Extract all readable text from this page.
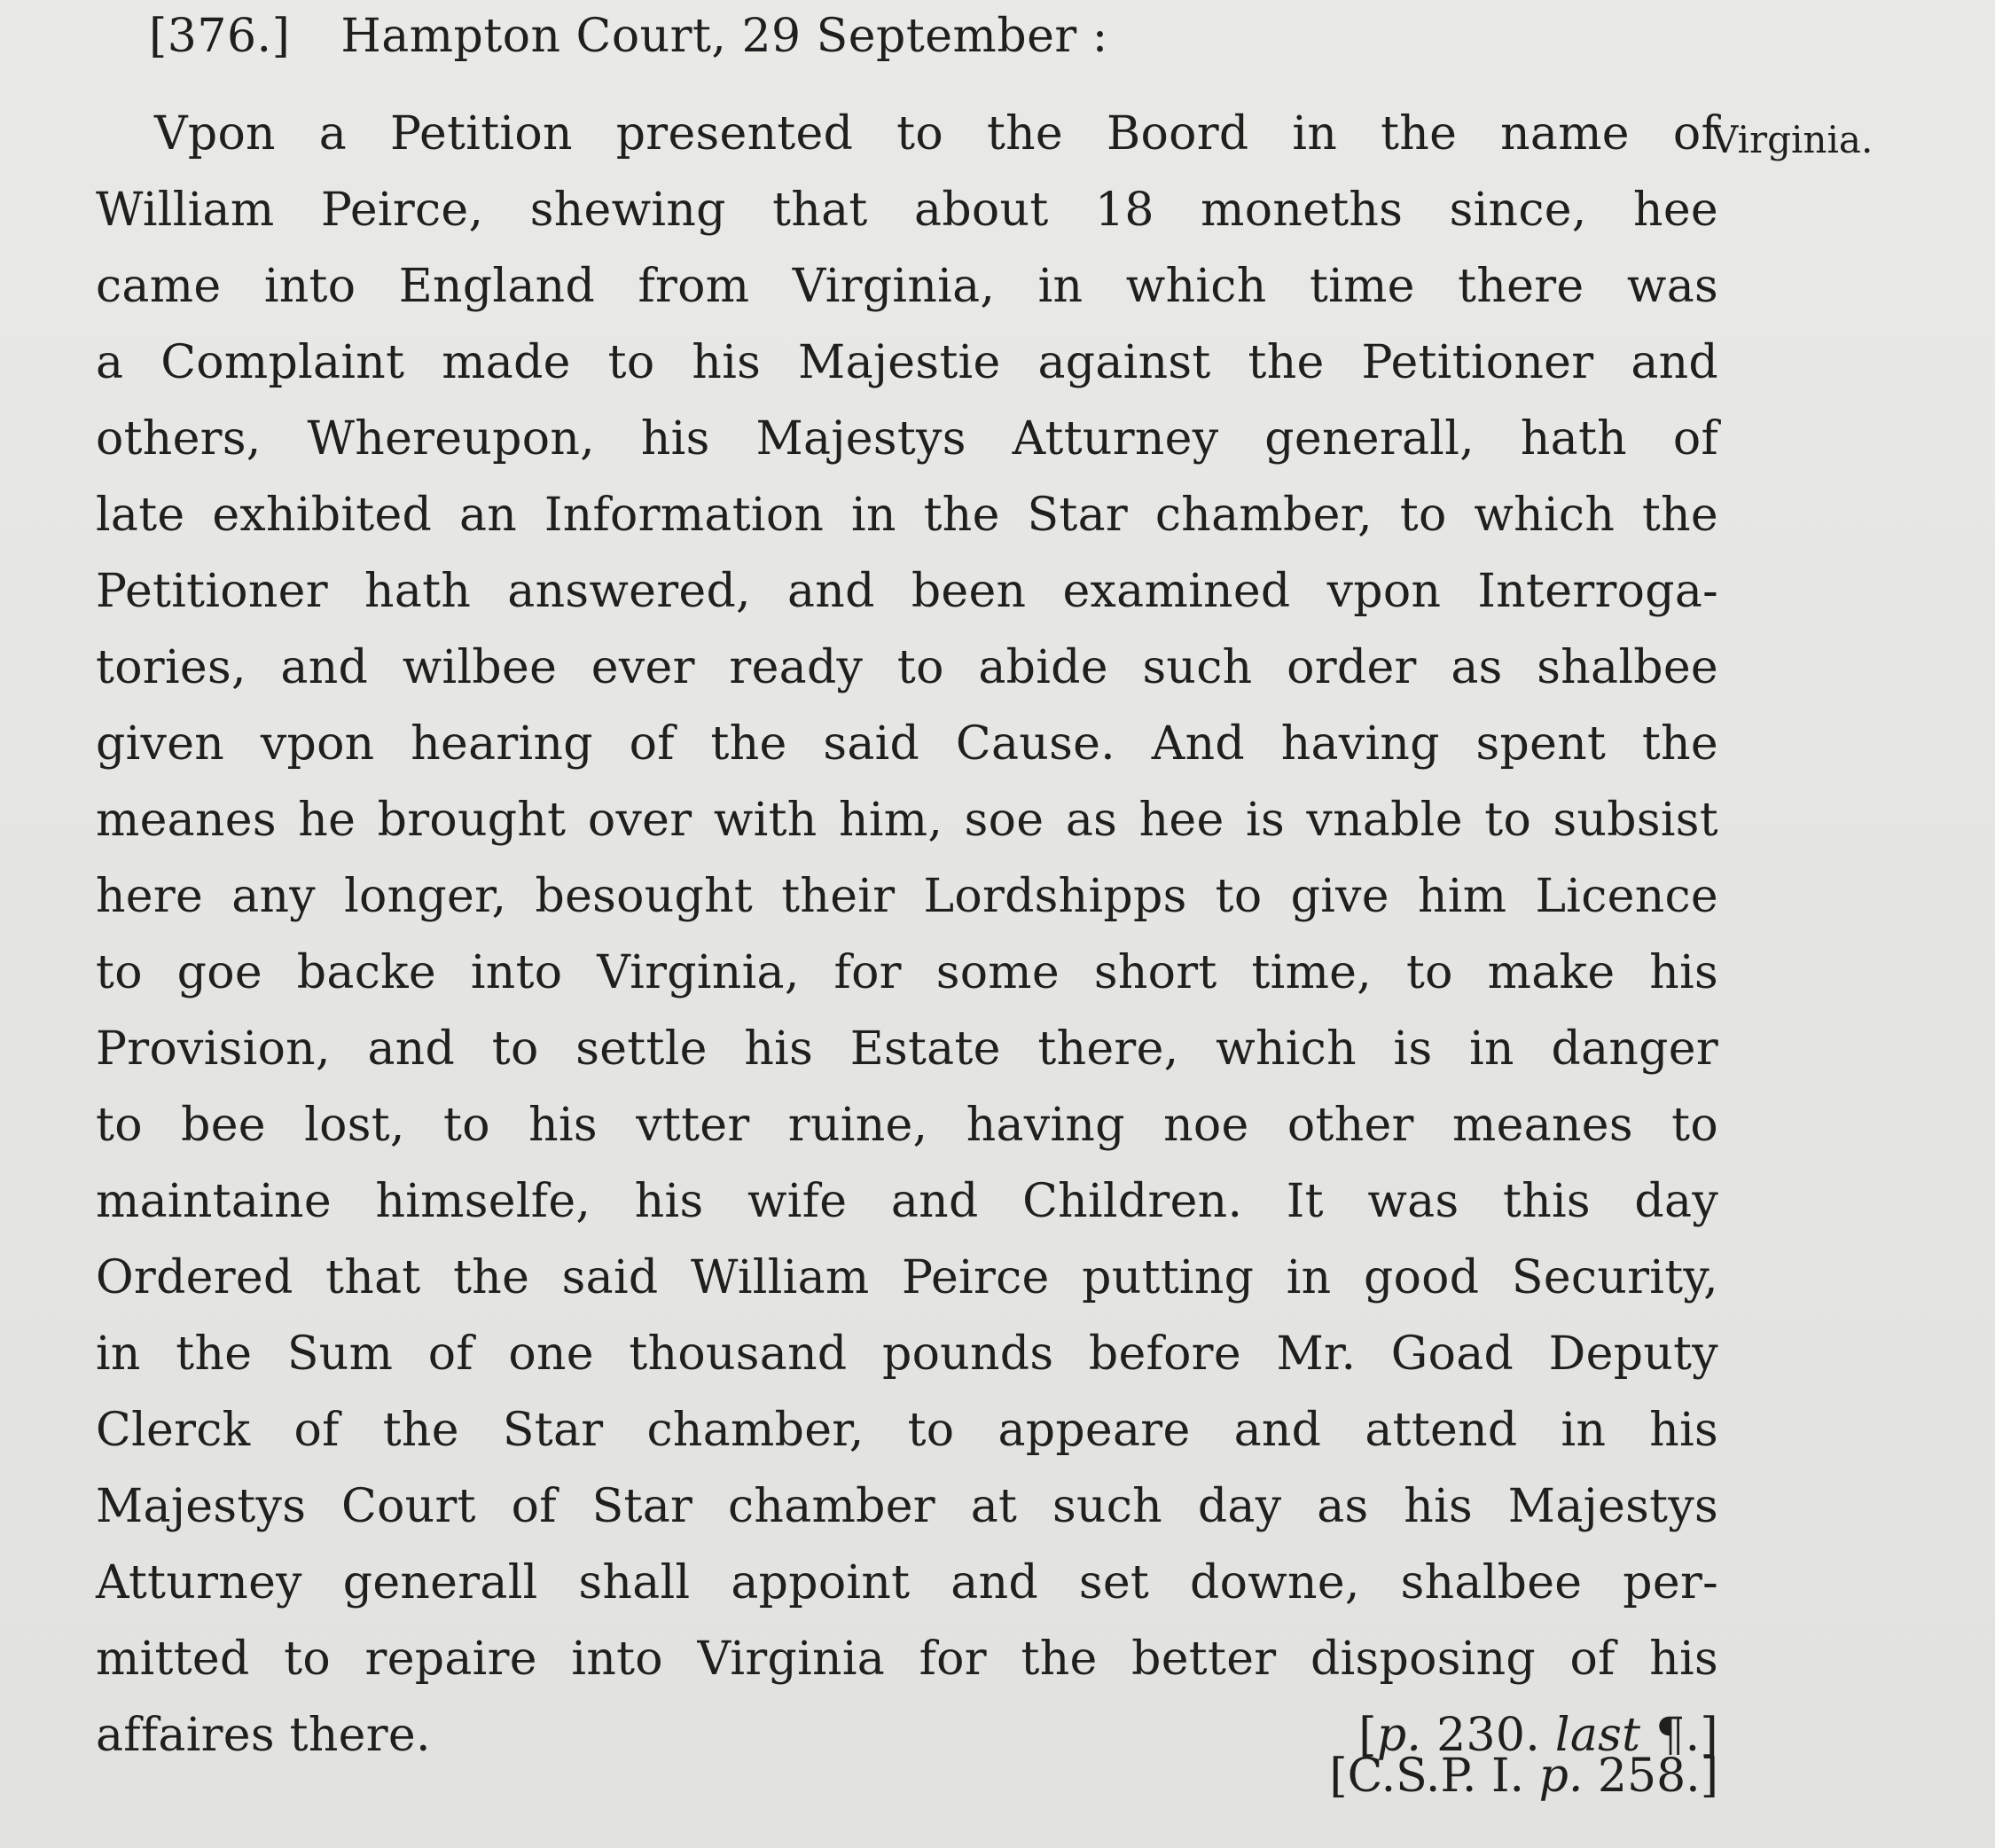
[376.] Hampton Court, 29 September :
Virginia.
Vpon a Petition presented to the Boord in the name of
William Peirce, shewing that about 18 moneths since, hee
came into England from Virginia, in which time there was
a Complaint made to his Majestie against the Petitioner and
others, Whereupon, his Majestys Atturney generall, hath of
late exhibited an Information in the Star chamber, to which the
Petitioner hath answered, and been examined vpon Interroga-
tories, and wilbee ever ready to abide such order as shalbee
given vpon hearing of the said Cause. And having spent the
meanes he brought over with him, soe as hee is vnable to subsist
here any longer, besought their Lordshipps to give him Licence
to goe backe into Virginia, for some short time, to make his
Provision, and to settle his Estate there, which is in danger
to bee lost, to his vtter ruine, having noe other meanes to
maintaine himselfe, his wife and Children. It was this day
Ordered that the said William Peirce putting in good Security,
in the Sum of one thousand pounds before Mr. Goad Deputy
Clerck of the Star chamber, to appeare and attend in his
Majestys Court of Star chamber at such day as his Majestys
Atturney generall shall appoint and set downe, shalbee per-
mitted to repaire into Virginia for the better disposing of his
affaires there.	[p. 230. last ¶.]
[C.S.P. I. p. 258.]
